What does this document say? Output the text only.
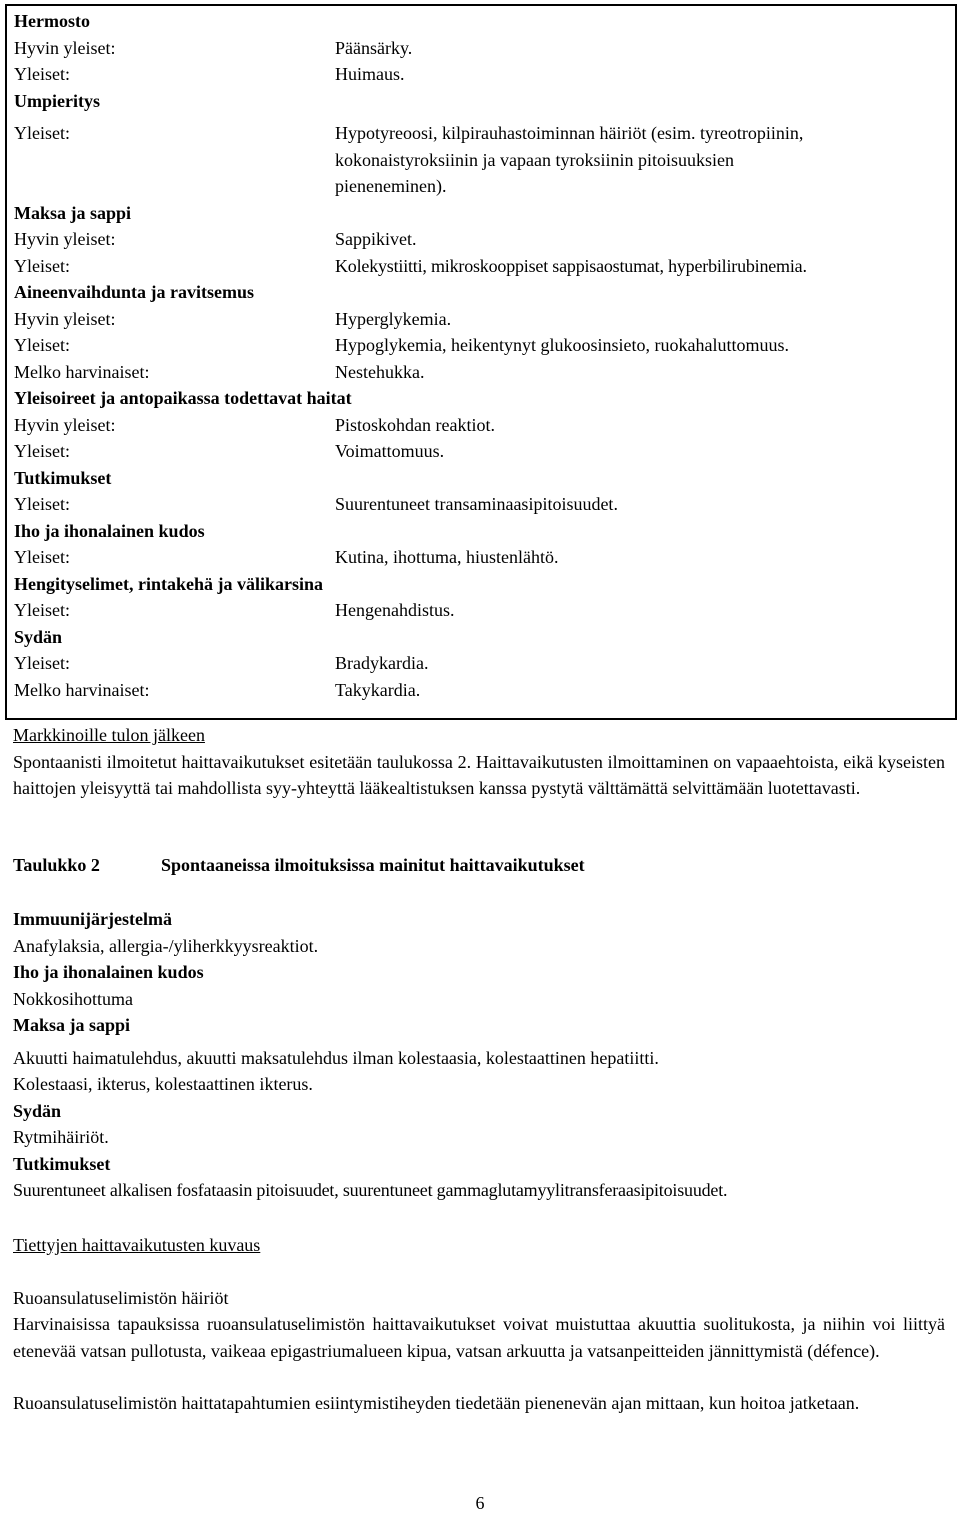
Hermosto
Hyvin yleiset:	Päänsärky.
Yleiset:	Huimaus.
Umpieritys
Yleiset:	Hypotyreoosi, kilpirauhastoiminnan häiriöt (esim. tyreotropiinin,
kokonaistyroksiinin ja vapaan tyroksiinin pitoisuuksien
pieneneminen).
Maksa ja sappi
Hyvin yleiset:	Sappikivet.
Yleiset:	Kolekystiitti, mikroskooppiset sappisaostumat, hyperbilirubinemia.
Aineenvaihdunta ja ravitsemus
Hyvin yleiset:	Hyperglykemia.
Yleiset:	Hypoglykemia, heikentynyt glukoosinsieto, ruokahaluttomuus.
Melko harvinaiset:	Nestehukka.
Yleisoireet ja antopaikassa todettavat haitat
Hyvin yleiset:	Pistoskohdan reaktiot.
Yleiset:	Voimattomuus.
Tutkimukset
Yleiset:	Suurentuneet transaminaasipitoisuudet.
Iho ja ihonalainen kudos
Yleiset:	Kutina, ihottuma, hiustenlähtö.
Hengityselimet, rintakehä ja välikarsina
Yleiset:	Hengenahdistus.
Sydän
Yleiset:	Bradykardia.
Melko harvinaiset:	Takykardia.
Markkinoille tulon jälkeen
Spontaanisti ilmoitetut haittavaikutukset esitetään taulukossa 2. Haittavaikutusten ilmoittaminen on vapaaehtoista, eikä kyseisten haittojen yleisyyttä tai mahdollista syy-yhteyttä lääkealtistuksen kanssa pystytä välttämättä selvittämään luotettavasti.
Taulukko 2	Spontaaneissa ilmoituksissa mainitut haittavaikutukset
Immuunijärjestelmä
Anafylaksia, allergia-/yliherkkyysreaktiot.
Iho ja ihonalainen kudos
Nokkosihottuma
Maksa ja sappi
Akuutti haimatulehdus, akuutti maksatulehdus ilman kolestaasia, kolestaattinen hepatiitti.
Kolestaasi, ikterus, kolestaattinen ikterus.
Sydän
Rytmihäiriöt.
Tutkimukset
Suurentuneet alkalisen fosfataasin pitoisuudet, suurentuneet gammaglutamyylitransferaasipitoisuudet.
Tiettyjen haittavaikutusten kuvaus
Ruoansulatuselimistön häiriöt
Harvinaisissa tapauksissa ruoansulatuselimistön haittavaikutukset voivat muistuttaa akuuttia suolitukosta, ja niihin voi liittyä etenevää vatsan pullotusta, vaikeaa epigastriumalueen kipua, vatsan arkuutta ja vatsanpeitteiden jännittymistä (défence).
Ruoansulatuselimistön haittatapahtumien esiintymistiheyden tiedetään pienenevän ajan mittaan, kun hoitoa jatketaan.
6
